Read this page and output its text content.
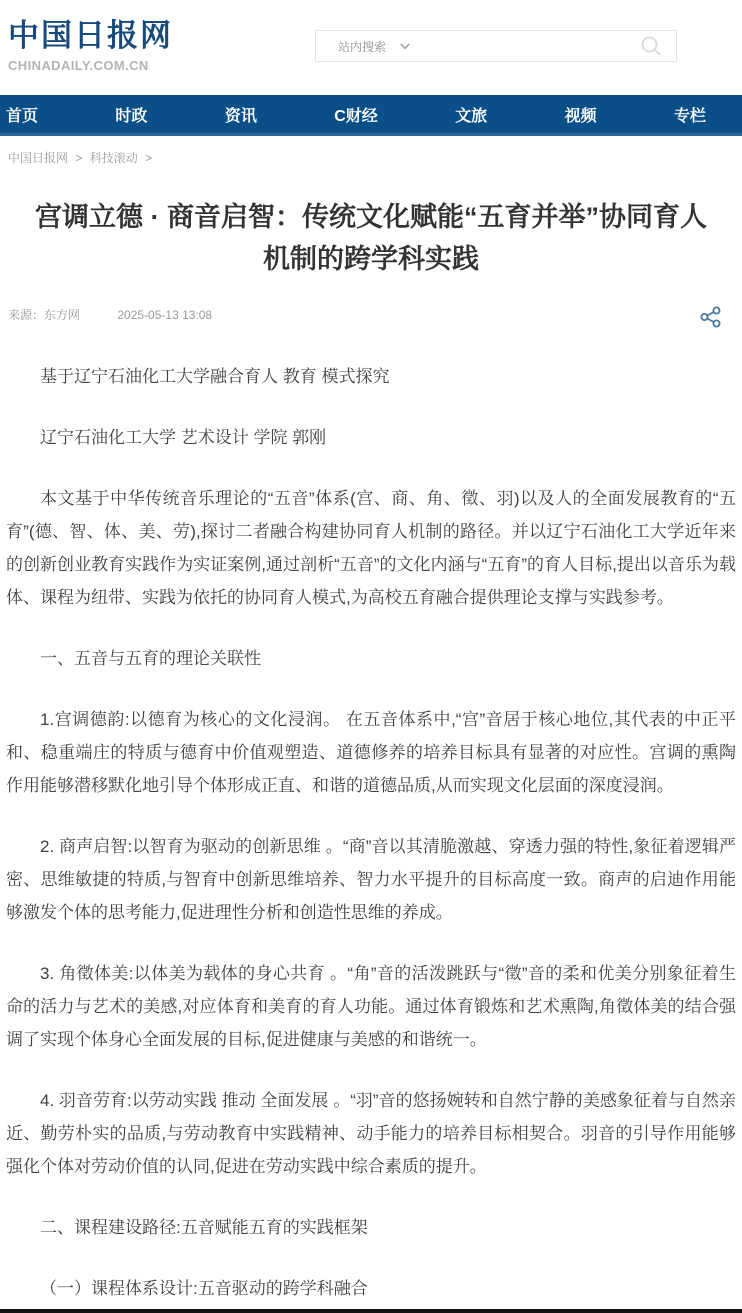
中国日报网
CHINADAILY.COM.CN
站内搜索
首页	时政	资讯	C财经	文旅	视频	专栏
中国日报网 > 科技滚动 >
宫调立德 · 商音启智：传统文化赋能“五育并举”协同育人机制的跨学科实践
来源：东方网	2025-05-13 13:08

基于辽宁石油化工大学融合育人 教育 模式探究

辽宁石油化工大学 艺术设计 学院 郭刚

本文基于中华传统音乐理论的“五音”体系(宫、商、角、徵、羽)以及人的全面发展教育的“五育”(德、智、体、美、劳),探讨二者融合构建协同育人机制的路径。并以辽宁石油化工大学近年来的创新创业教育实践作为实证案例,通过剖析“五音”的文化内涵与“五育”的育人目标,提出以音乐为载体、课程为纽带、实践为依托的协同育人模式,为高校五育融合提供理论支撑与实践参考。

一、五音与五育的理论关联性

1.宫调德韵:以德育为核心的文化浸润。 在五音体系中,“宫”音居于核心地位,其代表的中正平和、稳重端庄的特质与德育中价值观塑造、道德修养的培养目标具有显著的对应性。宫调的熏陶作用能够潜移默化地引导个体形成正直、和谐的道德品质,从而实现文化层面的深度浸润。

2. 商声启智:以智育为驱动的创新思维 。“商”音以其清脆激越、穿透力强的特性,象征着逻辑严密、思维敏捷的特质,与智育中创新思维培养、智力水平提升的目标高度一致。商声的启迪作用能够激发个体的思考能力,促进理性分析和创造性思维的养成。

3. 角徵体美:以体美为载体的身心共育 。“角”音的活泼跳跃与“徵”音的柔和优美分别象征着生命的活力与艺术的美感,对应体育和美育的育人功能。通过体育锻炼和艺术熏陶,角徵体美的结合强调了实现个体身心全面发展的目标,促进健康与美感的和谐统一。

4. 羽音劳育:以劳动实践 推动 全面发展 。“羽”音的悠扬婉转和自然宁静的美感象征着与自然亲近、勤劳朴实的品质,与劳动教育中实践精神、动手能力的培养目标相契合。羽音的引导作用能够强化个体对劳动价值的认同,促进在劳动实践中综合素质的提升。

二、课程建设路径:五音赋能五育的实践框架

（一）课程体系设计:五音驱动的跨学科融合
